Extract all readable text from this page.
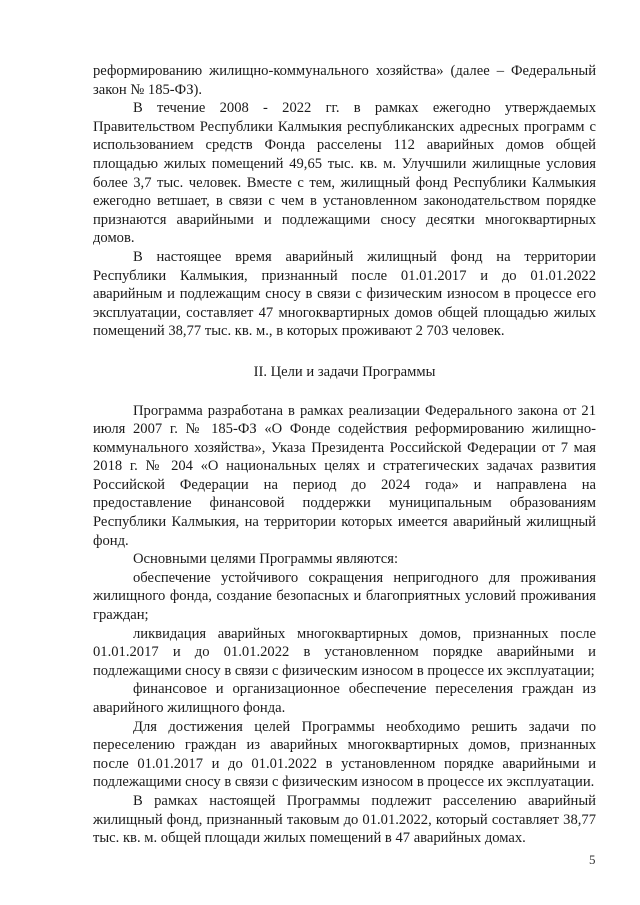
реформированию жилищно-коммунального хозяйства» (далее – Федеральный закон № 185-ФЗ).

В течение 2008 - 2022 гг. в рамках ежегодно утверждаемых Правительством Республики Калмыкия республиканских адресных программ с использованием средств Фонда расселены 112 аварийных домов общей площадью жилых помещений 49,65 тыс. кв. м. Улучшили жилищные условия более 3,7 тыс. человек. Вместе с тем, жилищный фонд Республики Калмыкия ежегодно ветшает, в связи с чем в установленном законодательством порядке признаются аварийными и подлежащими сносу десятки многоквартирных домов.

В настоящее время аварийный жилищный фонд на территории Республики Калмыкия, признанный после 01.01.2017 и до 01.01.2022 аварийным и подлежащим сносу в связи с физическим износом в процессе его эксплуатации, составляет 47 многоквартирных домов общей площадью жилых помещений 38,77 тыс. кв. м., в которых проживают 2 703 человек.

II. Цели и задачи Программы

Программа разработана в рамках реализации Федерального закона от 21 июля 2007 г. № 185-ФЗ «О Фонде содействия реформированию жилищно-коммунального хозяйства», Указа Президента Российской Федерации от 7 мая 2018 г. № 204 «О национальных целях и стратегических задачах развития Российской Федерации на период до 2024 года» и направлена на предоставление финансовой поддержки муниципальным образованиям Республики Калмыкия, на территории которых имеется аварийный жилищный фонд.

Основными целями Программы являются:

обеспечение устойчивого сокращения непригодного для проживания жилищного фонда, создание безопасных и благоприятных условий проживания граждан;

ликвидация аварийных многоквартирных домов, признанных после 01.01.2017 и до 01.01.2022 в установленном порядке аварийными и подлежащими сносу в связи с физическим износом в процессе их эксплуатации;

финансовое и организационное обеспечение переселения граждан из аварийного жилищного фонда.

Для достижения целей Программы необходимо решить задачи по переселению граждан из аварийных многоквартирных домов, признанных после 01.01.2017 и до 01.01.2022 в установленном порядке аварийными и подлежащими сносу в связи с физическим износом в процессе их эксплуатации.

В рамках настоящей Программы подлежит расселению аварийный жилищный фонд, признанный таковым до 01.01.2022, который составляет 38,77 тыс. кв. м. общей площади жилых помещений в 47 аварийных домах.

5
